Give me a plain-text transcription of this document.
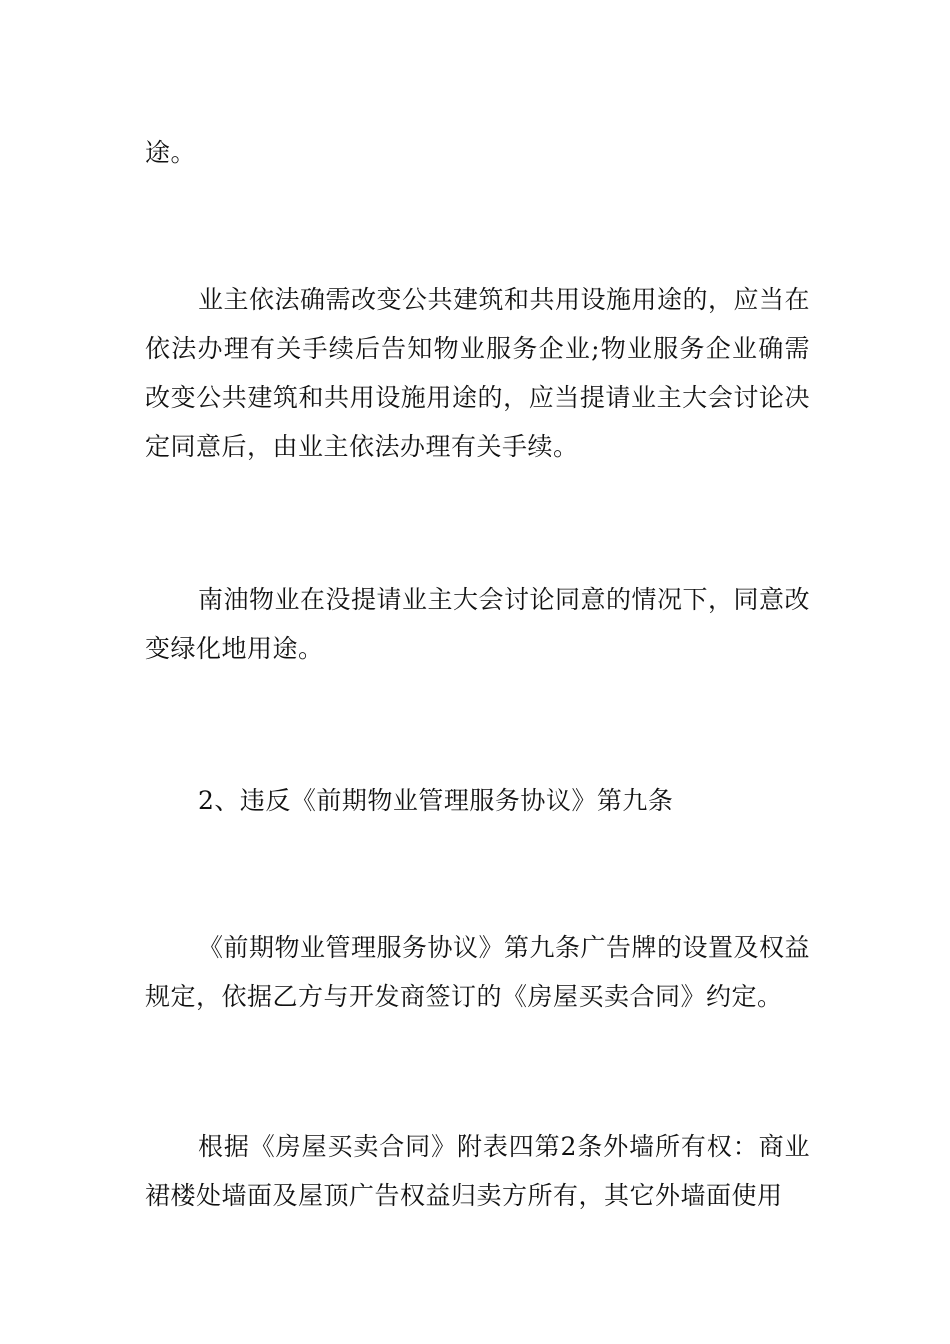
途。

业主依法确需改变公共建筑和共用设施用途的，应当在依法办理有关手续后告知物业服务企业;物业服务企业确需改变公共建筑和共用设施用途的，应当提请业主大会讨论决定同意后，由业主依法办理有关手续。

南油物业在没提请业主大会讨论同意的情况下，同意改变绿化地用途。

2、违反《前期物业管理服务协议》第九条

《前期物业管理服务协议》第九条广告牌的设置及权益规定，依据乙方与开发商签订的《房屋买卖合同》约定。

根据《房屋买卖合同》附表四第2条外墙所有权：商业裙楼处墙面及屋顶广告权益归卖方所有，其它外墙面使用
